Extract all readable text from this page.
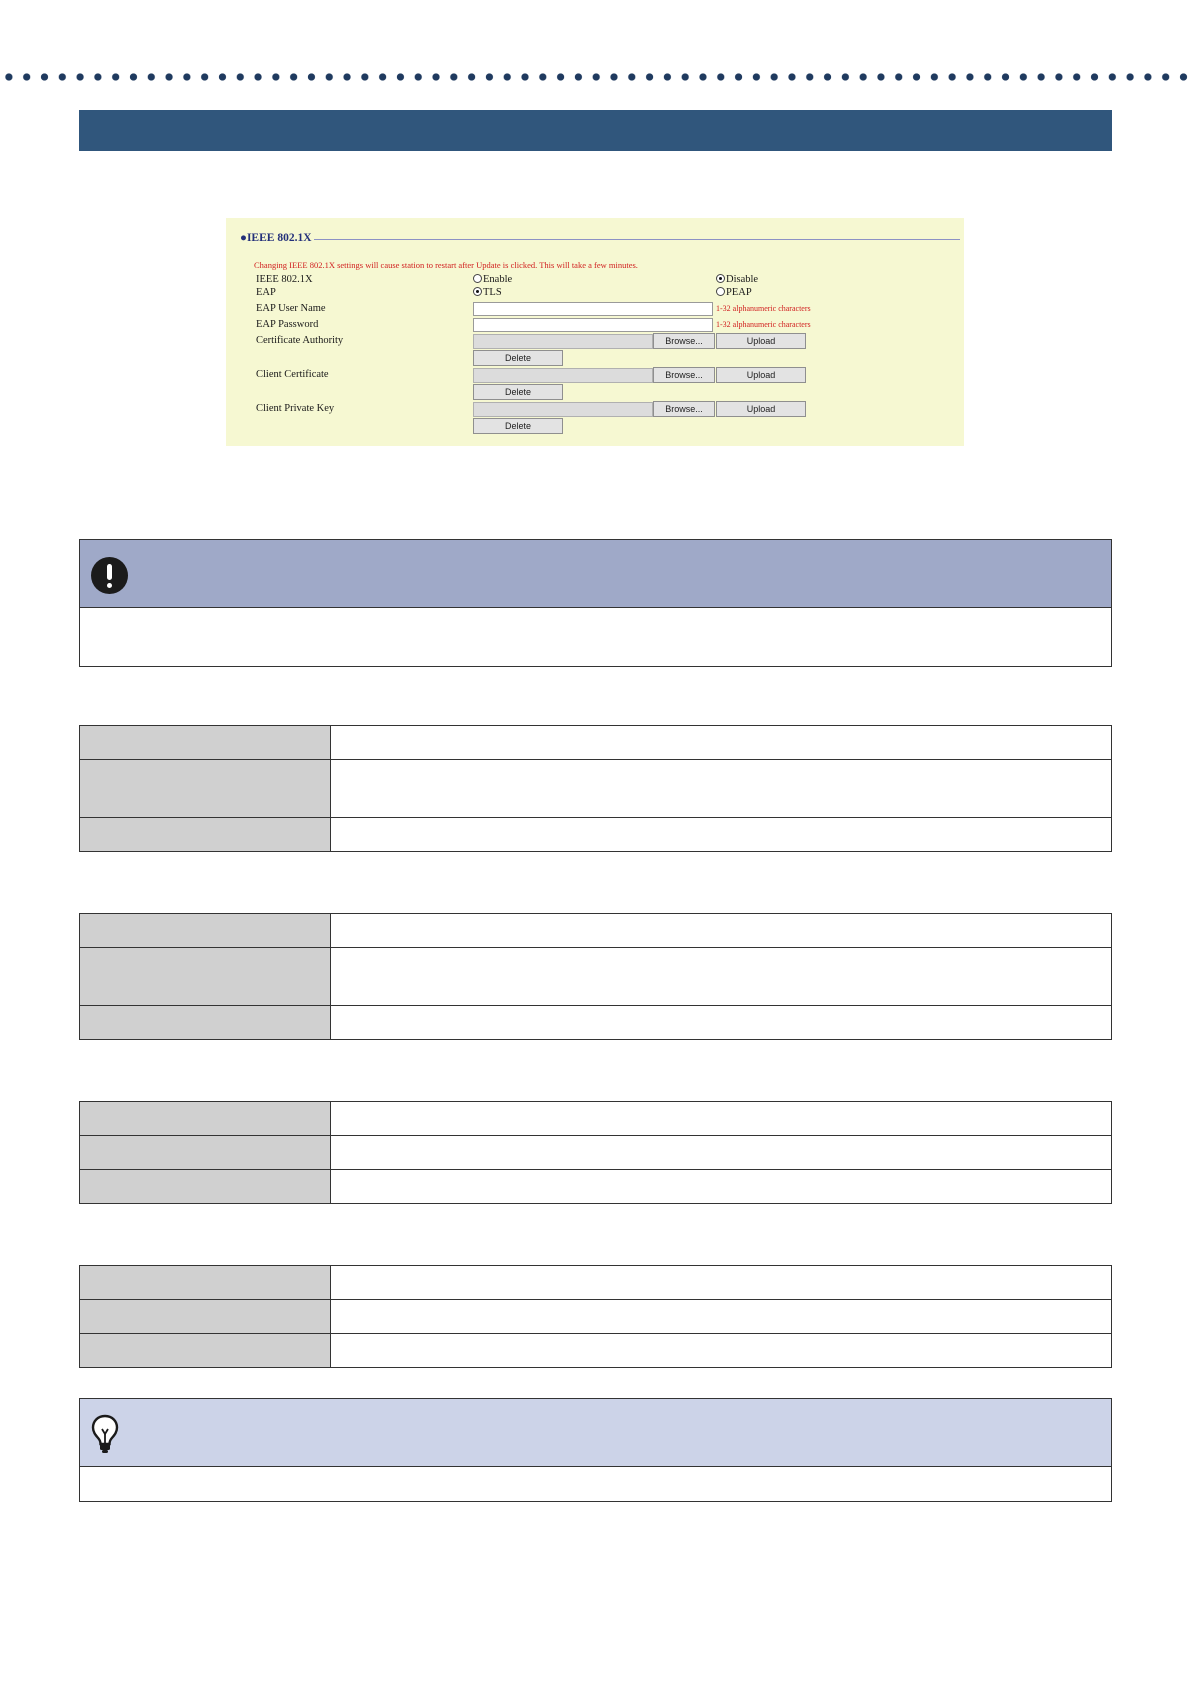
●IEEE 802.1X
Changing IEEE 802.1X settings will cause station to restart after Update is clicked. This will take a few minutes.
IEEE 802.1X	Enable	Disable
EAP	TLS	PEAP
EAP User Name	1-32 alphanumeric characters
EAP Password	1-32 alphanumeric characters
Certificate Authority	Browse...	Upload
Delete
Client Certificate	Browse...	Upload
Delete
Client Private Key	Browse...	Upload
Delete
